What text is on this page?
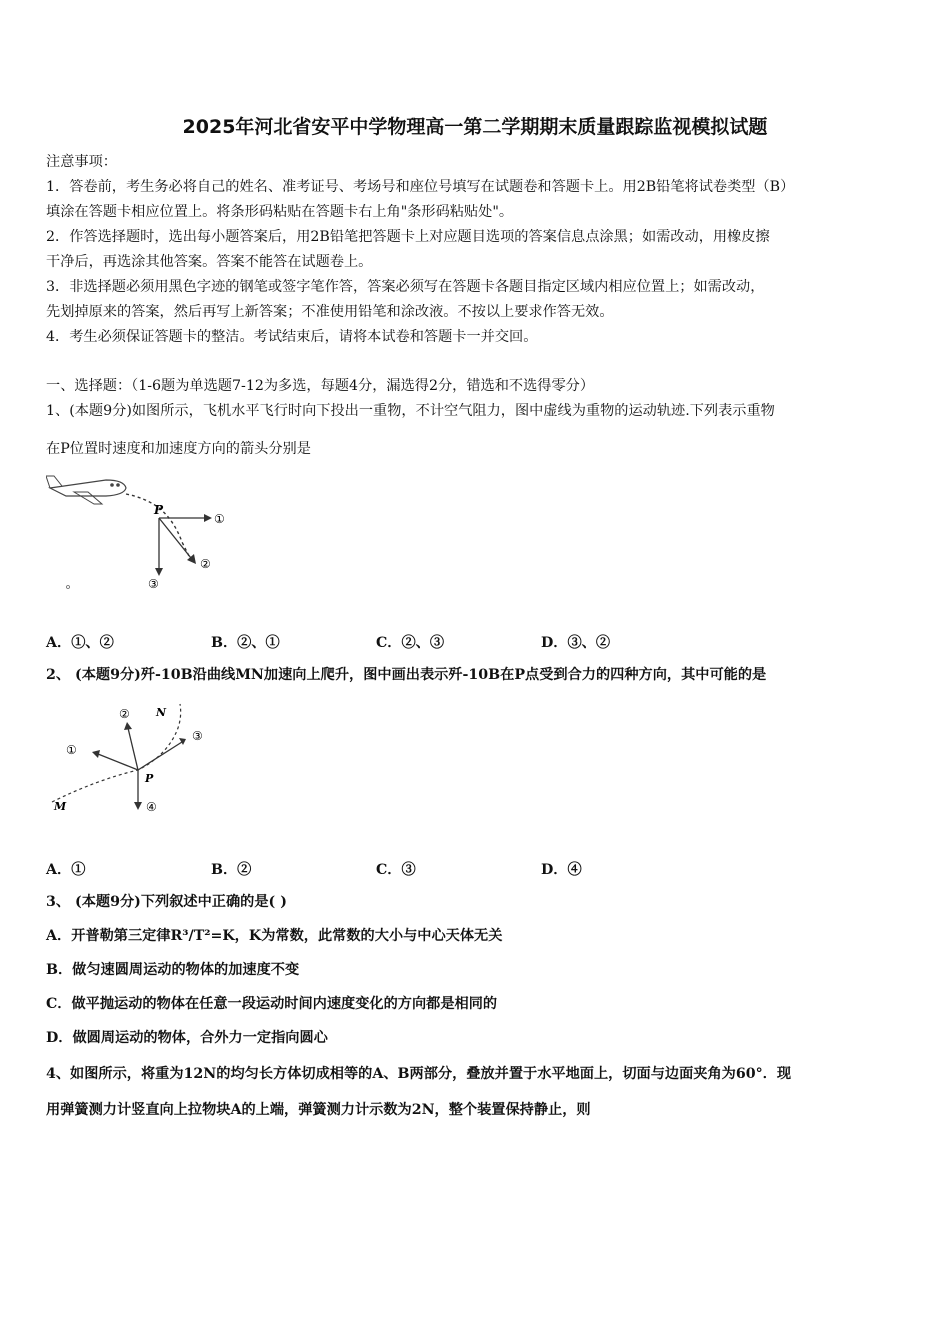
2025年河北省安平中学物理高一第二学期期末质量跟踪监视模拟试题
注意事项：
1．答卷前，考生务必将自己的姓名、准考证号、考场号和座位号填写在试题卷和答题卡上。用2B铅笔将试卷类型（B）
填涂在答题卡相应位置上。将条形码粘贴在答题卡右上角"条形码粘贴处"。
2．作答选择题时，选出每小题答案后，用2B铅笔把答题卡上对应题目选项的答案信息点涂黑；如需改动，用橡皮擦
干净后，再选涂其他答案。答案不能答在试题卷上。
3．非选择题必须用黑色字迹的钢笔或签字笔作答，答案必须写在答题卡各题目指定区域内相应位置上；如需改动，
先划掉原来的答案，然后再写上新答案；不准使用铅笔和涂改液。不按以上要求作答无效。
4．考生必须保证答题卡的整洁。考试结束后，请将本试卷和答题卡一并交回。
一、选择题：（1-6题为单选题7-12为多选，每题4分，漏选得2分，错选和不选得零分）
1、(本题9分)如图所示，飞机水平飞行时向下投出一重物，不计空气阻力，图中虚线为重物的运动轨迹.下列表示重物
在P位置时速度和加速度方向的箭头分别是
P
①
②
③
A．①、②	B．②、①	C．②、③	D．③、②
2、 (本题9分)歼-10B沿曲线MN加速向上爬升，图中画出表示歼-10B在P点受到合力的四种方向，其中可能的是
M
N
P
①
②
③
④
A．①	B．②	C．③	D．④
3、 (本题9分)下列叙述中正确的是( )
A．开普勒第三定律R³/T²=K，K为常数，此常数的大小与中心天体无关
B．做匀速圆周运动的物体的加速度不变
C．做平抛运动的物体在任意一段运动时间内速度变化的方向都是相同的
D．做圆周运动的物体，合外力一定指向圆心
4、如图所示，将重为12N的均匀长方体切成相等的A、B两部分，叠放并置于水平地面上，切面与边面夹角为60°．现
用弹簧测力计竖直向上拉物块A的上端，弹簧测力计示数为2N，整个装置保持静止，则
